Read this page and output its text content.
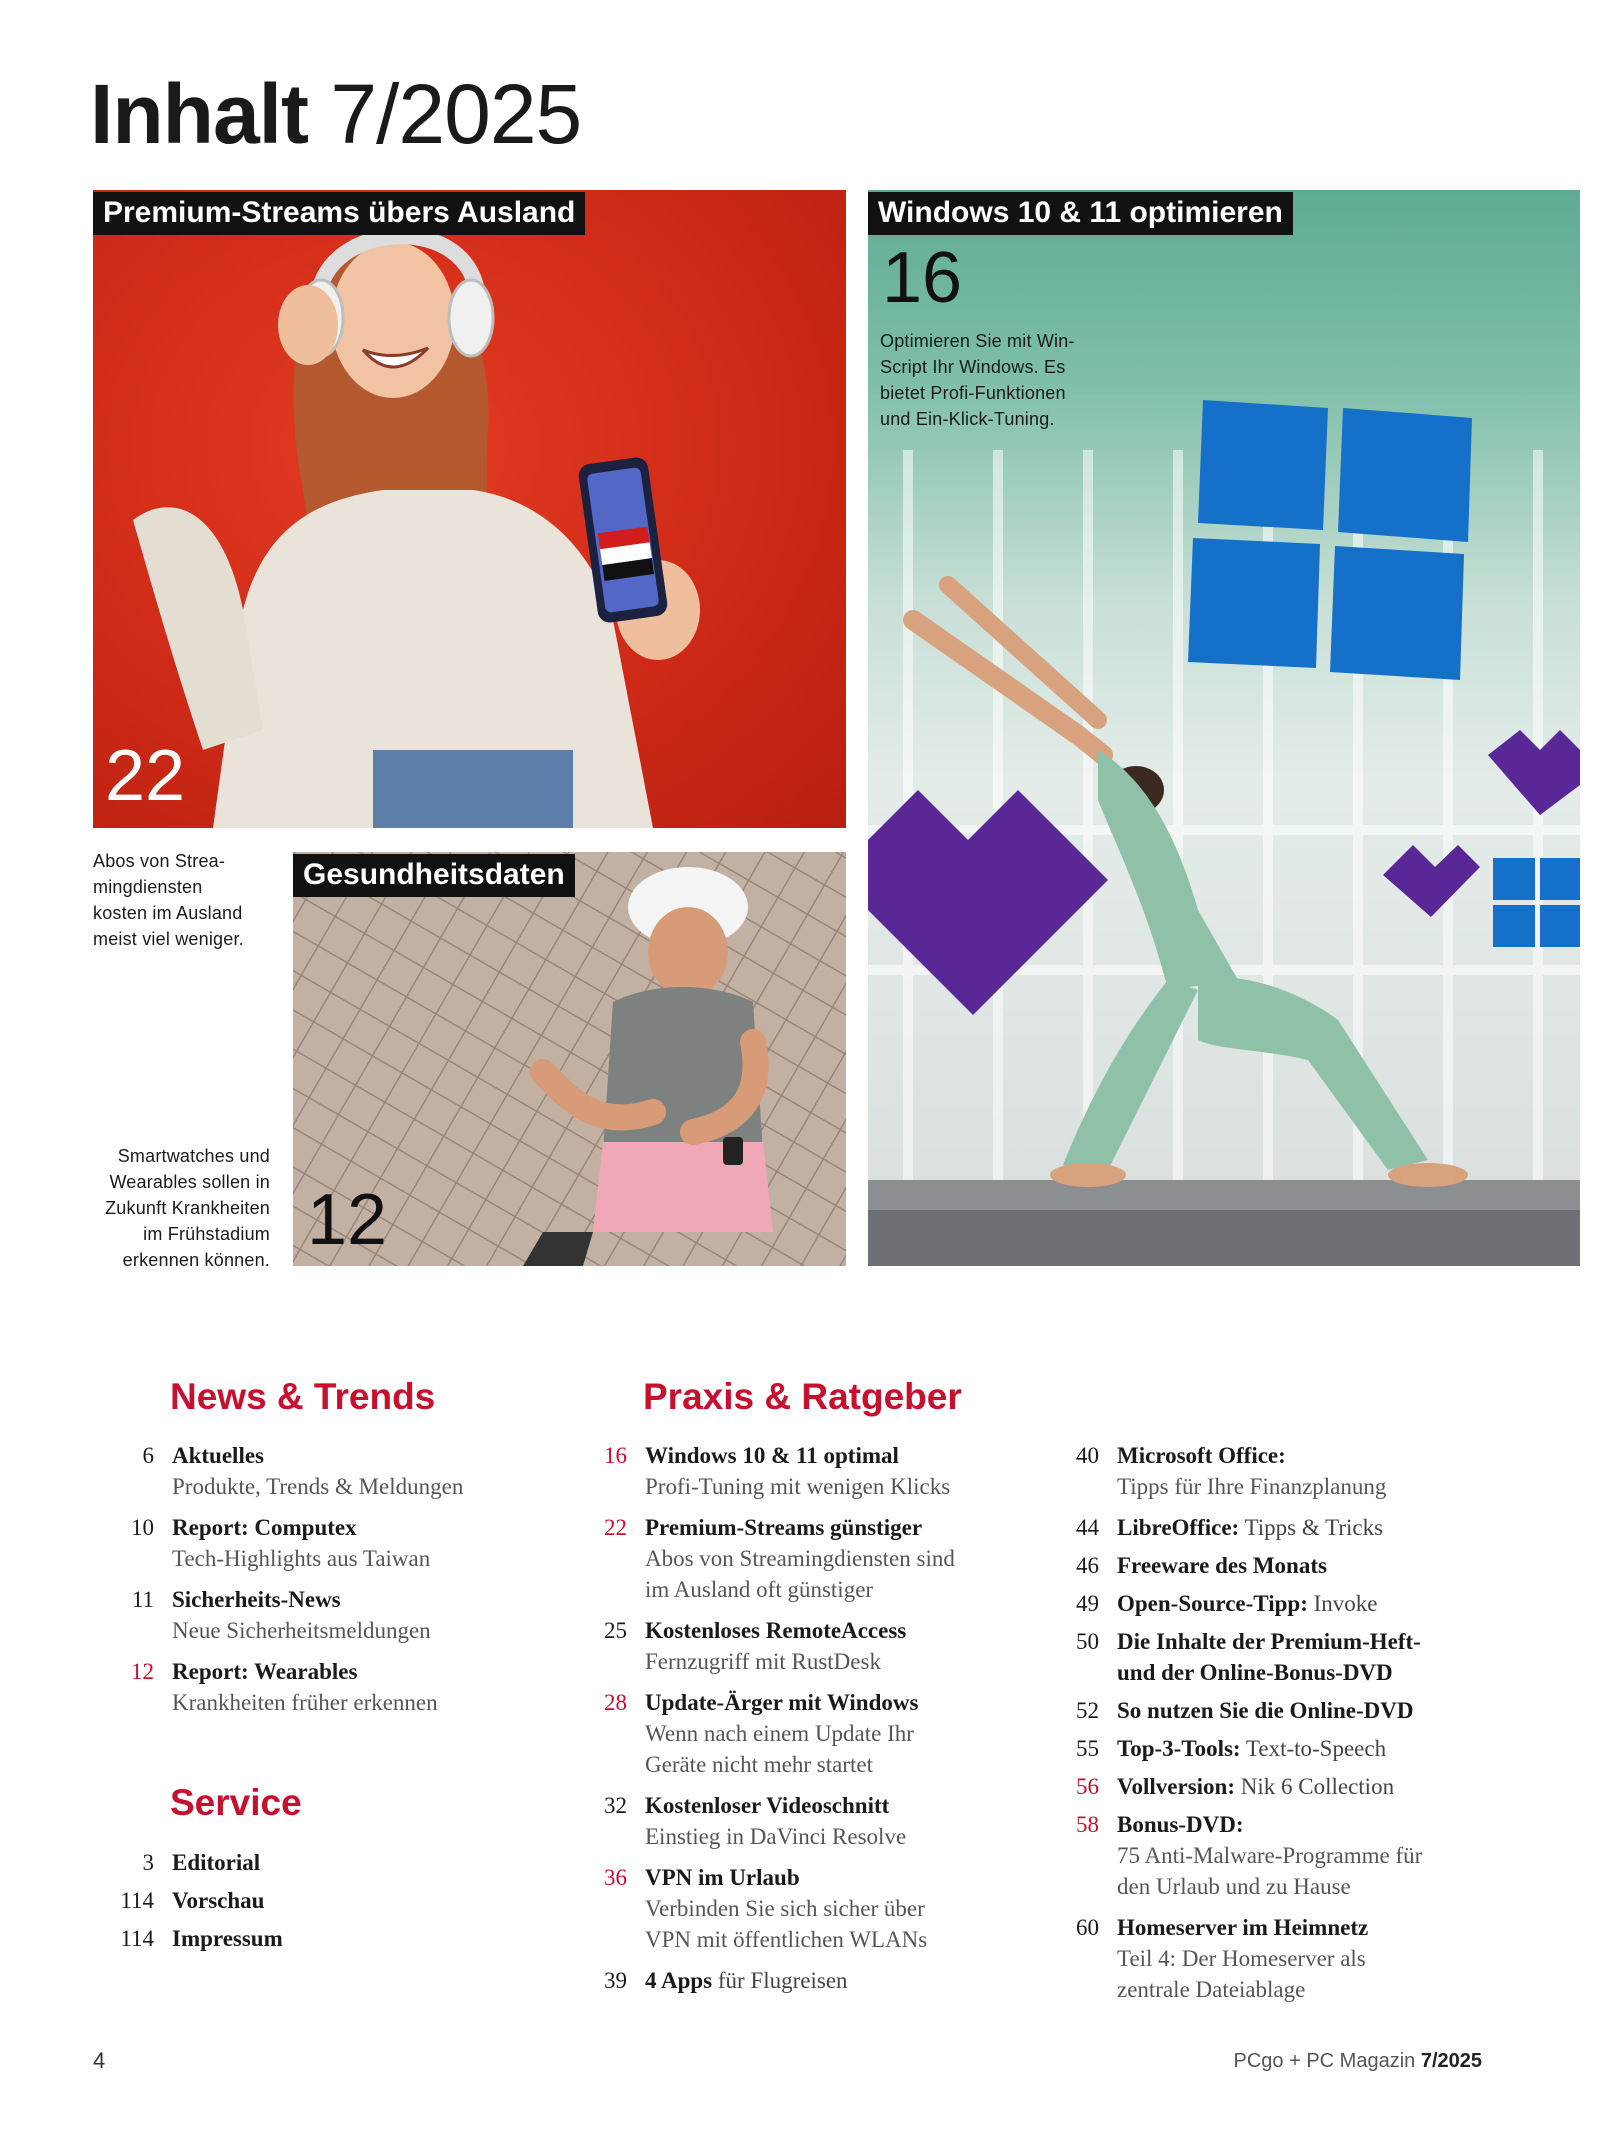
Inhalt 7/2025
Premium-Streams übers Ausland
22
Abos von Strea-
mingdiensten
kosten im Ausland
meist viel weniger.
Windows 10 & 11 optimieren
16
Optimieren Sie mit Win-
Script Ihr Windows. Es
bietet Profi-Funktionen
und Ein-Klick-Tuning.
Gesundheitsdaten
12
Smartwatches und
Wearables sollen in
Zukunft Krankheiten
im Frühstadium
erkennen können.
News & Trends
6 Aktuelles
Produkte, Trends & Meldungen
10 Report: Computex
Tech-Highlights aus Taiwan
11 Sicherheits-News
Neue Sicherheitsmeldungen
12 Report: Wearables
Krankheiten früher erkennen
Service
3 Editorial
114 Vorschau
114 Impressum
Praxis & Ratgeber
16 Windows 10 & 11 optimal
Profi-Tuning mit wenigen Klicks
22 Premium-Streams günstiger
Abos von Streamingdiensten sind
im Ausland oft günstiger
25 Kostenloses RemoteAccess
Fernzugriff mit RustDesk
28 Update-Ärger mit Windows
Wenn nach einem Update Ihr
Geräte nicht mehr startet
32 Kostenloser Videoschnitt
Einstieg in DaVinci Resolve
36 VPN im Urlaub
Verbinden Sie sich sicher über
VPN mit öffentlichen WLANs
39 4 Apps für Flugreisen
40 Microsoft Office:
Tipps für Ihre Finanzplanung
44 LibreOffice: Tipps & Tricks
46 Freeware des Monats
49 Open-Source-Tipp: Invoke
50 Die Inhalte der Premium-Heft-
und der Online-Bonus-DVD
52 So nutzen Sie die Online-DVD
55 Top-3-Tools: Text-to-Speech
56 Vollversion: Nik 6 Collection
58 Bonus-DVD:
75 Anti-Malware-Programme für
den Urlaub und zu Hause
60 Homeserver im Heimnetz
Teil 4: Der Homeserver als
zentrale Dateiablage
4	PCgo + PC Magazin 7/2025
